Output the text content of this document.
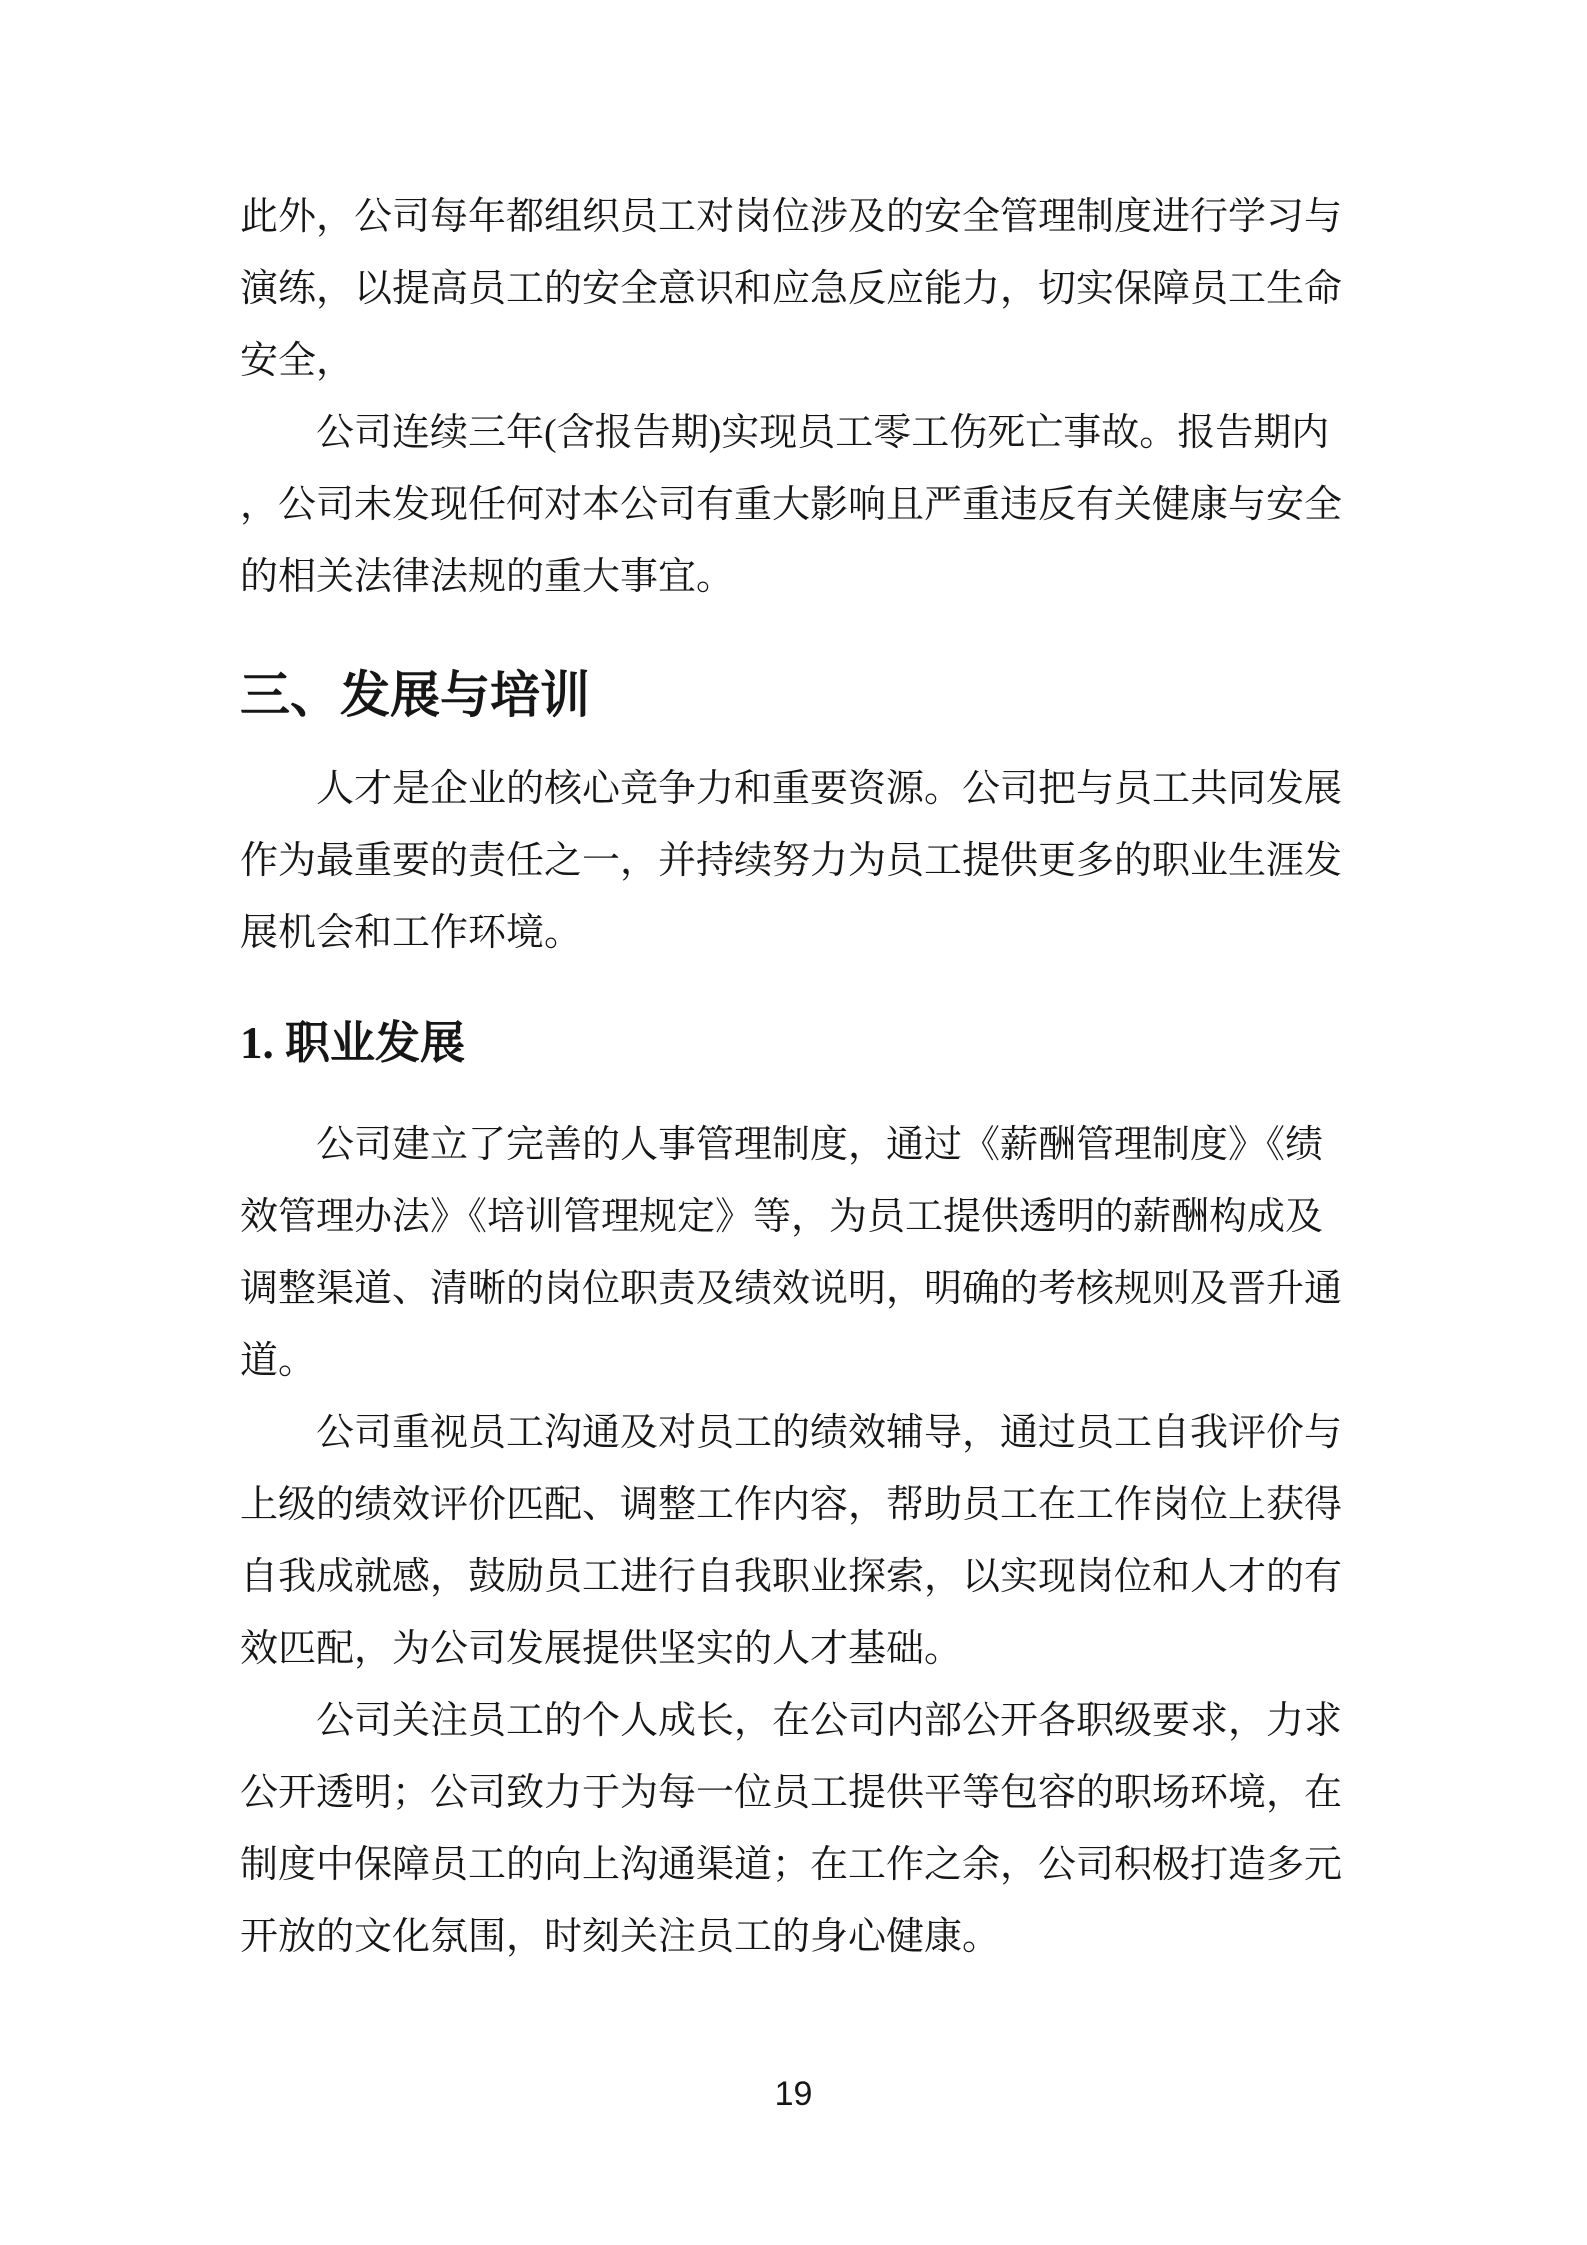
此外，公司每年都组织员工对岗位涉及的安全管理制度进行学习与
演练，以提高员工的安全意识和应急反应能力，切实保障员工生命
安全，
公司连续三年(含报告期)实现员工零工伤死亡事故。报告期内
，公司未发现任何对本公司有重大影响且严重违反有关健康与安全
的相关法律法规的重大事宜。
三、发展与培训
人才是企业的核心竞争力和重要资源。公司把与员工共同发展
作为最重要的责任之一，并持续努力为员工提供更多的职业生涯发
展机会和工作环境。
1. 职业发展
公司建立了完善的人事管理制度，通过《薪酬管理制度》《绩
效管理办法》《培训管理规定》等，为员工提供透明的薪酬构成及
调整渠道、清晰的岗位职责及绩效说明，明确的考核规则及晋升通
道。
公司重视员工沟通及对员工的绩效辅导，通过员工自我评价与
上级的绩效评价匹配、调整工作内容，帮助员工在工作岗位上获得
自我成就感，鼓励员工进行自我职业探索，以实现岗位和人才的有
效匹配，为公司发展提供坚实的人才基础。
公司关注员工的个人成长，在公司内部公开各职级要求，力求
公开透明；公司致力于为每一位员工提供平等包容的职场环境，在
制度中保障员工的向上沟通渠道；在工作之余，公司积极打造多元
开放的文化氛围，时刻关注员工的身心健康。
19
